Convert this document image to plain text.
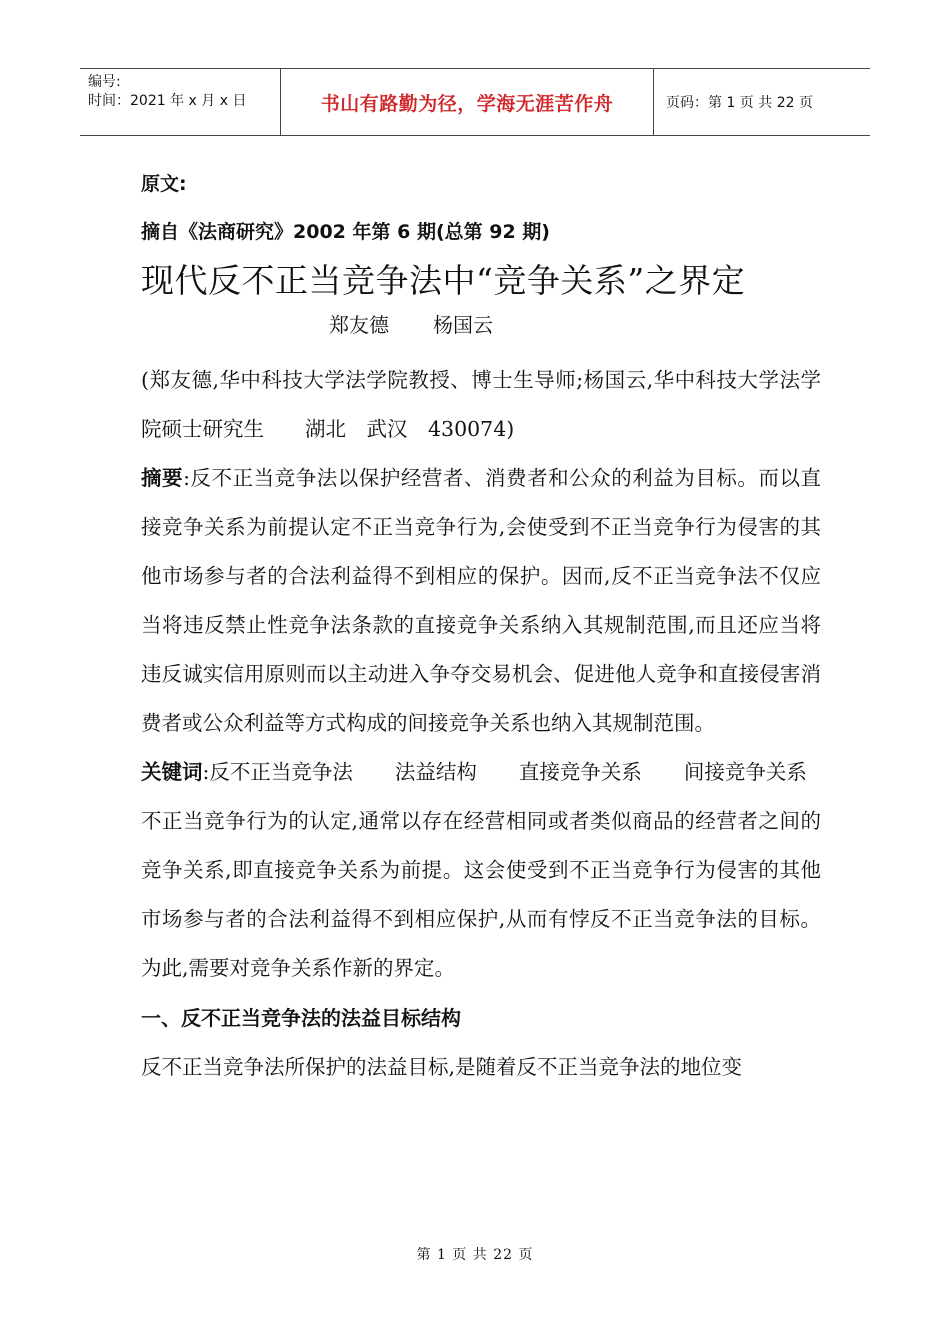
编号:
时间：2021 年 x 月 x 日	书山有路勤为径，学海无涯苦作舟	页码：第 1 页 共 22 页

原文:

摘自《法商研究》2002 年第 6 期(总第 92 期)

现代反不正当竞争法中“竞争关系”之界定
郑友德 杨国云

(郑友德,华中科技大学法学院教授、博士生导师;杨国云,华中科技大学法学院硕士研究生　　湖北　武汉　430074)

摘要:反不正当竞争法以保护经营者、消费者和公众的利益为目标。而以直接竞争关系为前提认定不正当竞争行为,会使受到不正当竞争行为侵害的其他市场参与者的合法利益得不到相应的保护。因而,反不正当竞争法不仅应当将违反禁止性竞争法条款的直接竞争关系纳入其规制范围,而且还应当将违反诚实信用原则而以主动进入争夺交易机会、促进他人竞争和直接侵害消费者或公众利益等方式构成的间接竞争关系也纳入其规制范围。

关键词:反不正当竞争法 法益结构 直接竞争关系 间接竞争关系

不正当竞争行为的认定,通常以存在经营相同或者类似商品的经营者之间的竞争关系,即直接竞争关系为前提。这会使受到不正当竞争行为侵害的其他市场参与者的合法利益得不到相应保护,从而有悖反不正当竞争法的目标。为此,需要对竞争关系作新的界定。

一、反不正当竞争法的法益目标结构

反不正当竞争法所保护的法益目标,是随着反不正当竞争法的地位变

第 1 页 共 22 页
